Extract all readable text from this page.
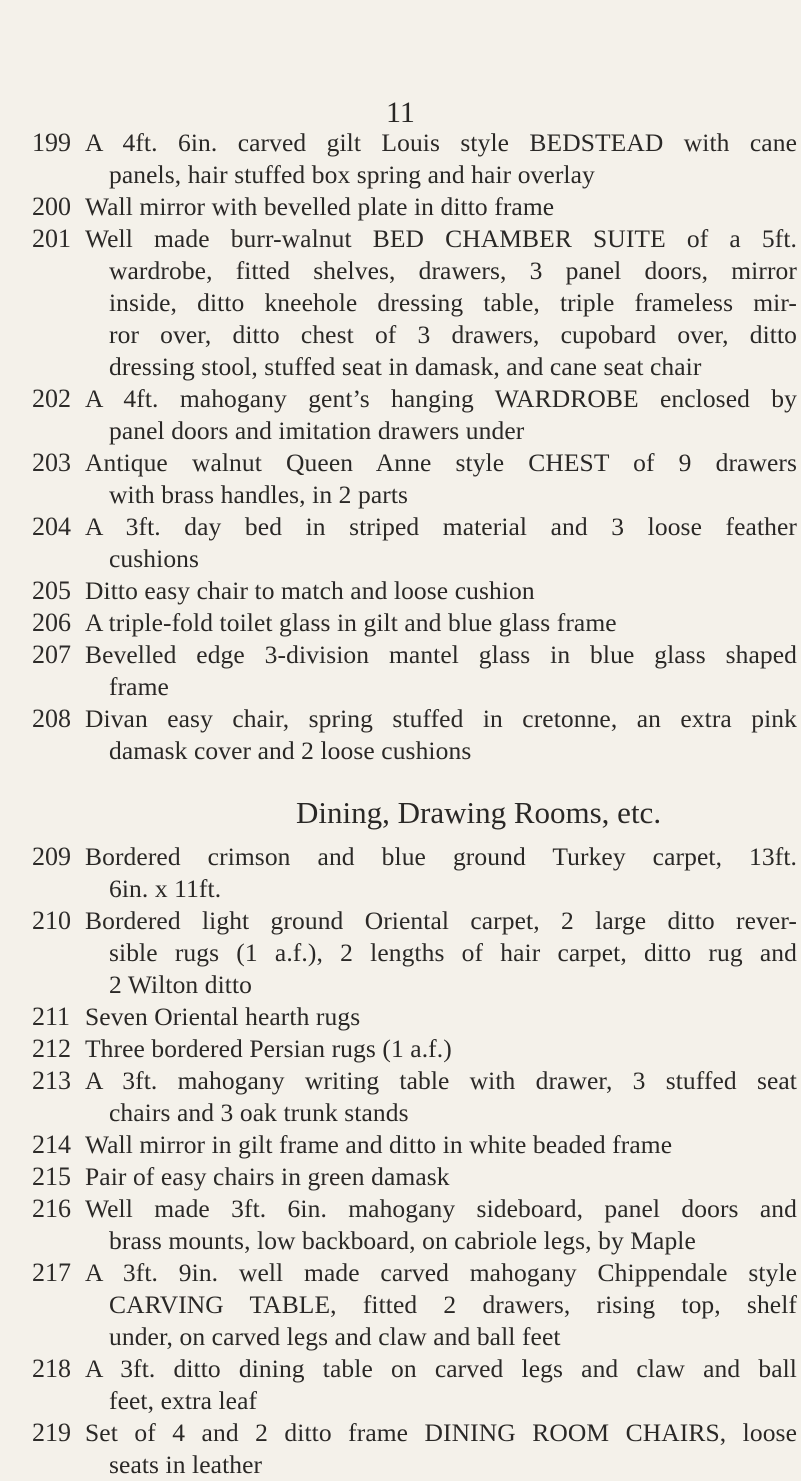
11
199 A 4ft. 6in. carved gilt Louis style BEDSTEAD with cane
panels, hair stuffed box spring and hair overlay
200 Wall mirror with bevelled plate in ditto frame
201 Well made burr-walnut BED CHAMBER SUITE of a 5ft.
wardrobe, fitted shelves, drawers, 3 panel doors, mirror
inside, ditto kneehole dressing table, triple frameless mir-
ror over, ditto chest of 3 drawers, cupobard over, ditto
dressing stool, stuffed seat in damask, and cane seat chair
202 A 4ft. mahogany gent’s hanging WARDROBE enclosed by
panel doors and imitation drawers under
203 Antique walnut Queen Anne style CHEST of 9 drawers
with brass handles, in 2 parts
204 A 3ft. day bed in striped material and 3 loose feather
cushions
205 Ditto easy chair to match and loose cushion
206 A triple-fold toilet glass in gilt and blue glass frame
207 Bevelled edge 3-division mantel glass in blue glass shaped
frame
208 Divan easy chair, spring stuffed in cretonne, an extra pink
damask cover and 2 loose cushions
Dining, Drawing Rooms, etc.
209 Bordered crimson and blue ground Turkey carpet, 13ft.
6in. x 11ft.
210 Bordered light ground Oriental carpet, 2 large ditto rever-
sible rugs (1 a.f.), 2 lengths of hair carpet, ditto rug and
2 Wilton ditto
211 Seven Oriental hearth rugs
212 Three bordered Persian rugs (1 a.f.)
213 A 3ft. mahogany writing table with drawer, 3 stuffed seat
chairs and 3 oak trunk stands
214 Wall mirror in gilt frame and ditto in white beaded frame
215 Pair of easy chairs in green damask
216 Well made 3ft. 6in. mahogany sideboard, panel doors and
brass mounts, low backboard, on cabriole legs, by Maple
217 A 3ft. 9in. well made carved mahogany Chippendale style
CARVING TABLE, fitted 2 drawers, rising top, shelf
under, on carved legs and claw and ball feet
218 A 3ft. ditto dining table on carved legs and claw and ball
feet, extra leaf
219 Set of 4 and 2 ditto frame DINING ROOM CHAIRS, loose
seats in leather
